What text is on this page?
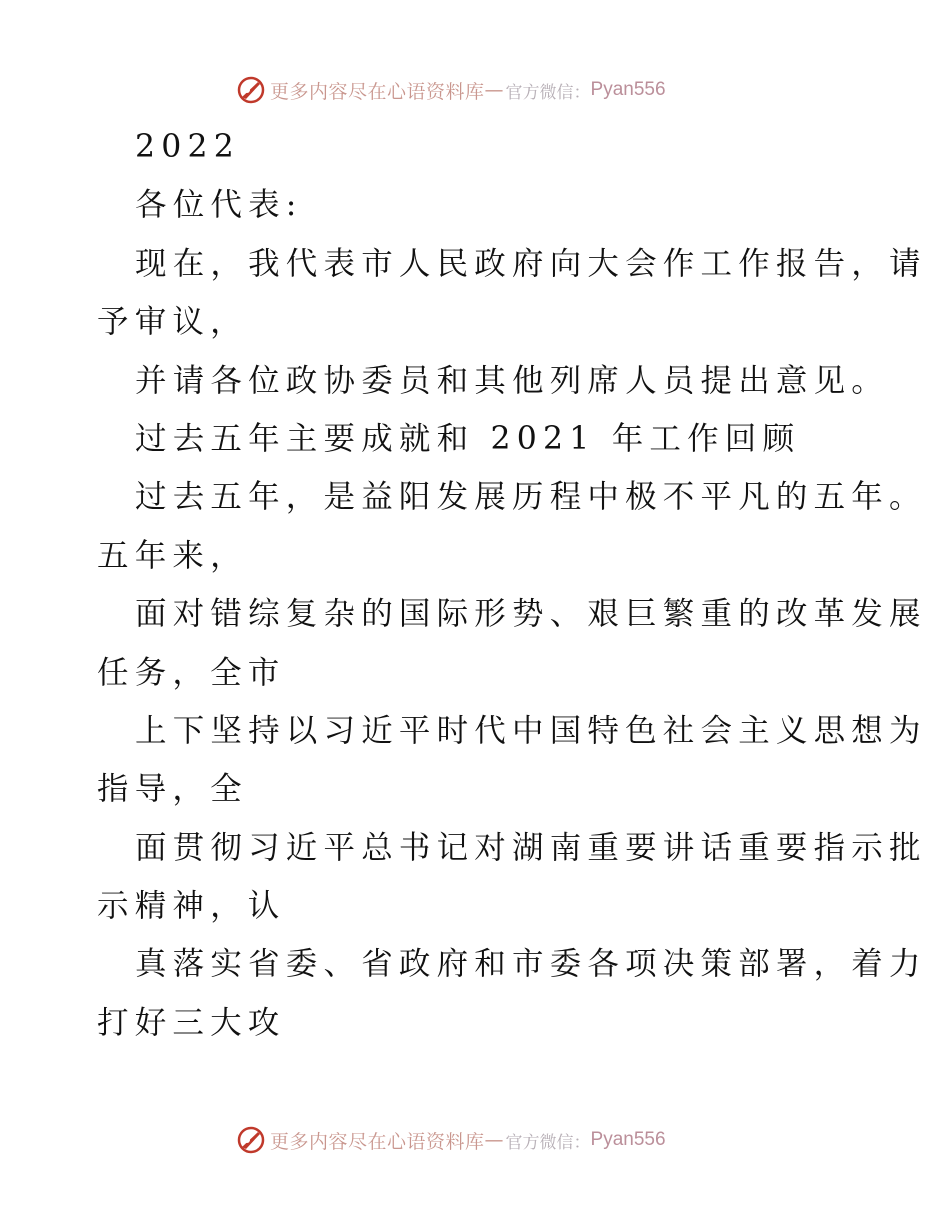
更多内容尽在心语资料库 — 官方微信： Pyan556
2022
各位代表:
现在，我代表市人民政府向大会作工作报告，请
予审议，
并请各位政协委员和其他列席人员提出意见。
过去五年主要成就和 2021 年工作回顾
过去五年，是益阳发展历程中极不平凡的五年。
五年来，
面对错综复杂的国际形势、艰巨繁重的改革发展
任务，全市
上下坚持以习近平时代中国特色社会主义思想为
指导，全
面贯彻习近平总书记对湖南重要讲话重要指示批
示精神，认
真落实省委、省政府和市委各项决策部署，着力
打好三大攻
更多内容尽在心语资料库 — 官方微信： Pyan556
